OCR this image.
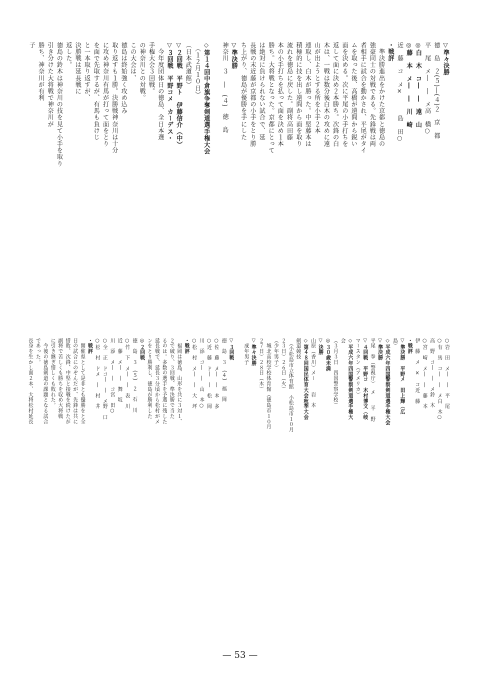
▽準々決勝
徳　島　２(５)―(４)２　京　都
平　尾　メ―　―　メ高　橋○
◎白　木　コ―　―　遠　山
◎藤　本　メ―　―　川　崎
近　藤　コ　メ×　　　島　田○
・戦評
　準決勝進出をかけた京都と徳島の
強豪同士の対戦である。先鋒戦は両
者相手に試合を動かされ、平尾がタイ
ムを取った後、高橋が遠間から鋭い
面を決める。次に平尾の小手打ちを
返して面に決め２本勝ち。次鋒の白
木は、一戦は数分後白木の攻めに遠
山が出ようとする所を小手２本
連取し、白木が勝った。中堅藤本は
積極的に技を出し遠間から面を取り
流れを徳島に戻した。副将高田藤
本の小手打ちを払って面を決め１本
勝ち。大将戦となった。京都にとって
は絶対に負けられない試合で、延
長戦の末近藤が京都の小手をとり勝
ち上がり、徳島が優勝を手にした
▽準決勝
神奈川　３　―　(４)　徳　島
◇第１４回中倉旗争奪剣道選手権大会
　（１２月１０日）
（日本武道館）
▽２回戦　平野ト　伊藤信介（中）
▽３回戦　平野コメ　カーデス・
　今年度団体日の徳島、全日本選
手権大会３回戦。
の神奈川との対戦。
この大会は、
徳島は終始強く攻め込み
取り返すも１勝。決勝戦神奈川は十分
に攻め神奈川有馬が打って面をとり
を面で先取するが、有馬も負けじ
と一本取り返すが、
決勝戦は延長戦に
返した。
徳島の鈴木は神奈川の技を見て小手を取り
引き分けた大将戦で神奈川が
勝ち、神奈川が有利
子
○岩　田　メ―　―　平　尾
○有　馬　コ―　―　メ白　木○
高　野　コ―　―　メ鈴　木
○宮　崎　メ―　―　藤　本
伊　藤　メ　×　コ近　藤
・戦評
▽準決勝　平野メ　田上輝（広
島）
◇平成六年四国警察剣道選手権大会
▽準決勝
平尾　拳（警視庁）　メ　　平　野
▽４回戦　平野コ　木村博文（岐
マースタン（アメリカ）
◇平成六年四国警察剣道選手権大
会
（３月３日　四国警察学校）
◎３０歳未満
▽決勝
山原（香川）メー　　岩　本
◇第４８回国民体育大会秋季大会
剣道競技
　（小松島市立体育館　小松島市１０月
２３日）２６日（火）
（少年男子）
　城北高校学校体育館（徳島市１０月
２７日）２８日（木）
▽準々決勝
　成年男子

▽３回戦
徳　島　３　(４)　福　岡
○佐　藤　メ―　―　本　多
○近　藤　ド―　―　松　岡
川　添　コ―　―　山　本○
○松　村　メ―　―　大　坪
・戦評
　福岡は徳島、山形を共に３対１、
２で破り、３回戦、準決勝で当た
るのは。多数の選手を予選に残した
延長戦で、延長３分頃から松村がメ
ンをとり勝利し、徳島が勝利した
◎２回戦
徳　島　３　(５)　２　石　川
○竹　下　メ―　―　表　川
近　藤　メ―　―　舞　坂
川　添　メ―　―　コ宮　田○
○全　正　ドコ―　―　メ野　口
○松　村　ドメ　―　村　井
・戦評
　開催県として是非とも優勝をと全
日の試合にのぞんだが、先鋒は共に
惜敗、次鋒、中堅と接戦を続けたが
副将で苦しくも勝ちを収め大将戦
に引き継ぎ惜しくも敗れた。
　今後の徳島剣道の課題となる試合
であった。
長身を生かし面２本、大将松村延長
— 53 —
